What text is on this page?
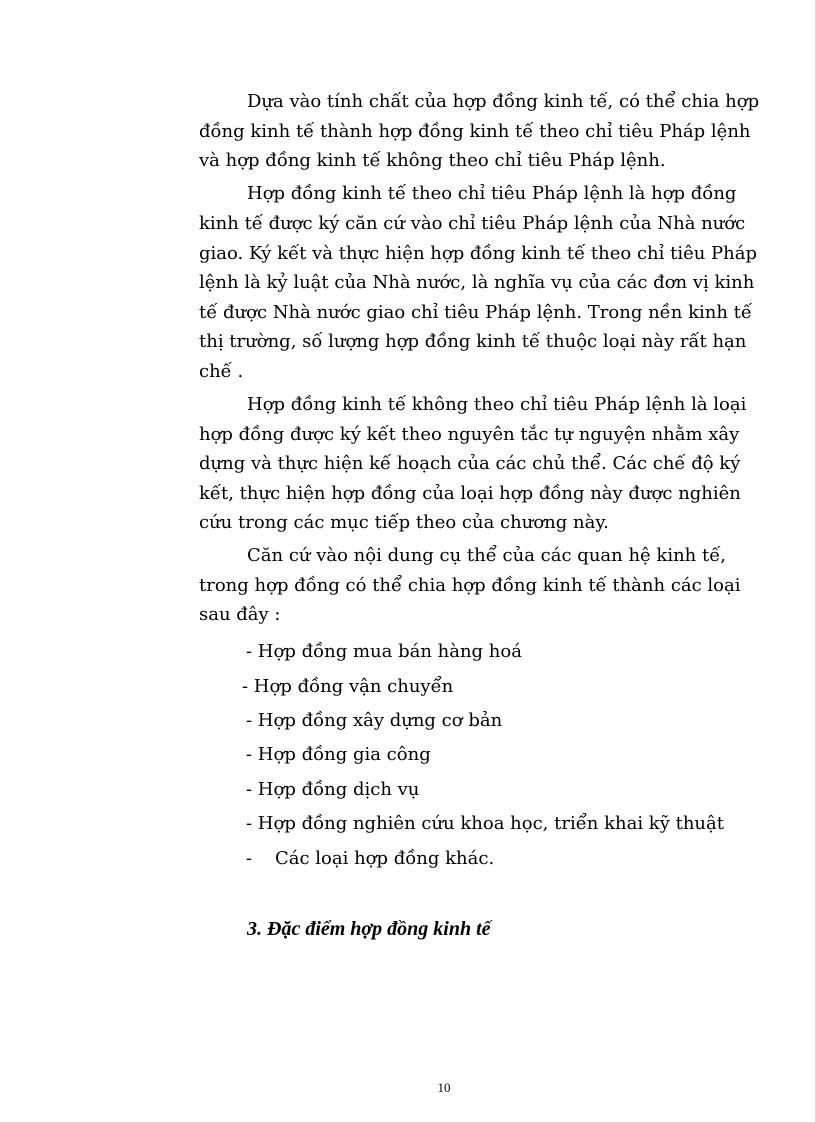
Dựa vào tính chất của hợp đồng kinh tế, có thể chia hợp
đồng kinh tế thành hợp đồng kinh tế theo chỉ tiêu Pháp lệnh
và hợp đồng kinh tế không theo chỉ tiêu Pháp lệnh.
Hợp đồng kinh tế theo chỉ tiêu Pháp lệnh là hợp đồng
kinh tế được ký căn cứ vào chỉ tiêu Pháp lệnh của Nhà nước
giao. Ký kết và thực hiện hợp đồng kinh tế theo chỉ tiêu Pháp
lệnh là kỷ luật của Nhà nước, là nghĩa vụ của các đơn vị kinh
tế được Nhà nước giao chỉ tiêu Pháp lệnh. Trong nền kinh tế
thị trường, số lượng hợp đồng kinh tế thuộc loại này rất hạn
chế .
Hợp đồng kinh tế không theo chỉ tiêu Pháp lệnh là loại
hợp đồng được ký kết theo nguyên tắc tự nguyện nhằm xây
dựng và thực hiện kế hoạch của các chủ thể. Các chế độ ký
kết, thực hiện hợp đồng của loại hợp đồng này được nghiên
cứu trong các mục tiếp theo của chương này.
Căn cứ vào nội dung cụ thể của các quan hệ kinh tế,
trong hợp đồng có thể chia hợp đồng kinh tế thành các loại
sau đây :
- Hợp đồng mua bán hàng hoá
- Hợp đồng vận chuyển
- Hợp đồng xây dựng cơ bản
- Hợp đồng gia công
- Hợp đồng dịch vụ
- Hợp đồng nghiên cứu khoa học, triển khai kỹ thuật
-    Các loại hợp đồng khác.
3. Đặc điểm hợp đồng kinh tế
10
